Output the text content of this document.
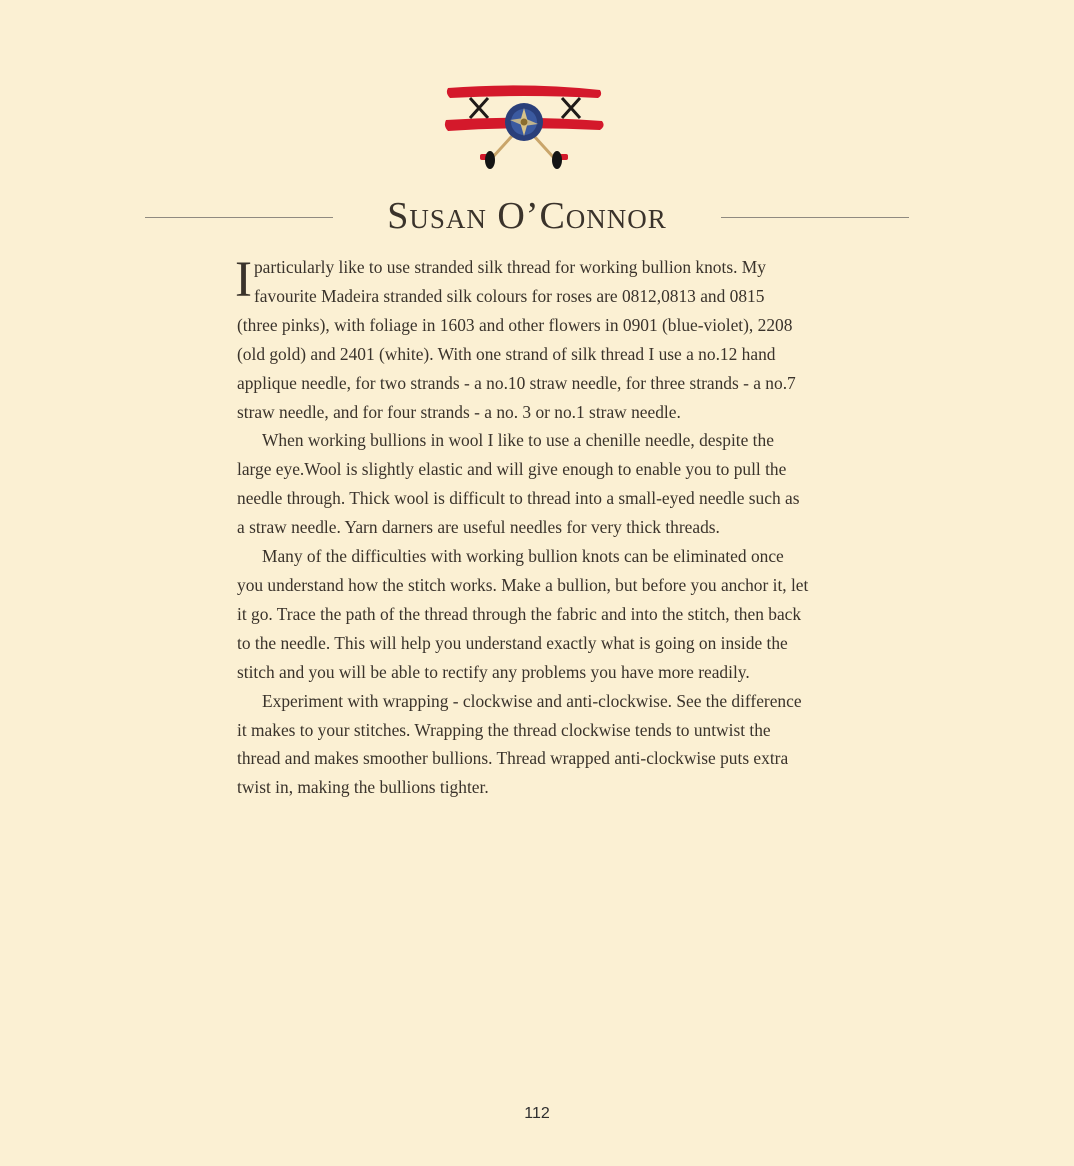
Susan O’Connor

Iparticularly like to use stranded silk thread for working bullion knots. My favourite Madeira stranded silk colours for roses are 0812,0813 and 0815 (three pinks), with foliage in 1603 and other flowers in 0901 (blue-violet), 2208 (old gold) and 2401 (white). With one strand of silk thread I use a no.12 hand applique needle, for two strands - a no.10 straw needle, for three strands - a no.7 straw needle, and for four strands - a no. 3 or no.1 straw needle.

When working bullions in wool I like to use a chenille needle, despite the large eye.Wool is slightly elastic and will give enough to enable you to pull the needle through. Thick wool is difficult to thread into a small-eyed needle such as a straw needle. Yarn darners are useful needles for very thick threads.

Many of the difficulties with working bullion knots can be eliminated once you understand how the stitch works. Make a bullion, but before you anchor it, let it go. Trace the path of the thread through the fabric and into the stitch, then back to the needle. This will help you understand exactly what is going on inside the stitch and you will be able to rectify any problems you have more readily.

Experiment with wrapping - clockwise and anti-clockwise. See the difference it makes to your stitches. Wrapping the thread clockwise tends to untwist the thread and makes smoother bullions. Thread wrapped anti-clockwise puts extra twist in, making the bullions tighter.

112
